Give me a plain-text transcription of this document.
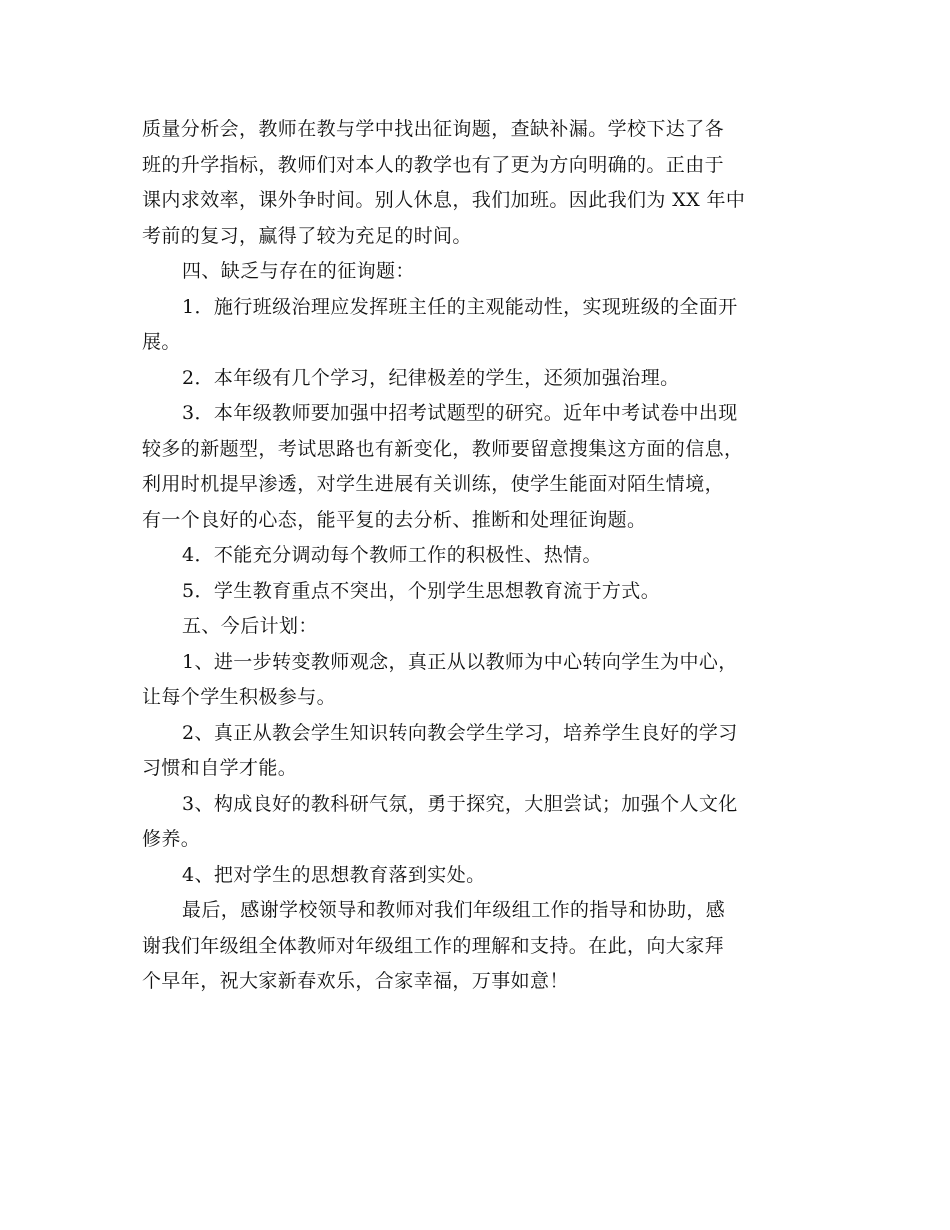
质量分析会，教师在教与学中找出征询题，查缺补漏。学校下达了各
班的升学指标，教师们对本人的教学也有了更为方向明确的。正由于
课内求效率，课外争时间。别人休息，我们加班。因此我们为 XX 年中
考前的复习，赢得了较为充足的时间。
四、缺乏与存在的征询题：
1．施行班级治理应发挥班主任的主观能动性，实现班级的全面开
展。
2．本年级有几个学习，纪律极差的学生，还须加强治理。
3．本年级教师要加强中招考试题型的研究。近年中考试卷中出现
较多的新题型，考试思路也有新变化，教师要留意搜集这方面的信息，
利用时机提早渗透，对学生进展有关训练，使学生能面对陌生情境，
有一个良好的心态，能平复的去分析、推断和处理征询题。
4．不能充分调动每个教师工作的积极性、热情。
5．学生教育重点不突出，个别学生思想教育流于方式。
五、今后计划：
1、进一步转变教师观念，真正从以教师为中心转向学生为中心，
让每个学生积极参与。
2、真正从教会学生知识转向教会学生学习，培养学生良好的学习
习惯和自学才能。
3、构成良好的教科研气氛，勇于探究，大胆尝试；加强个人文化
修养。
4、把对学生的思想教育落到实处。
最后，感谢学校领导和教师对我们年级组工作的指导和协助，感
谢我们年级组全体教师对年级组工作的理解和支持。在此，向大家拜
个早年，祝大家新春欢乐，合家幸福，万事如意！
